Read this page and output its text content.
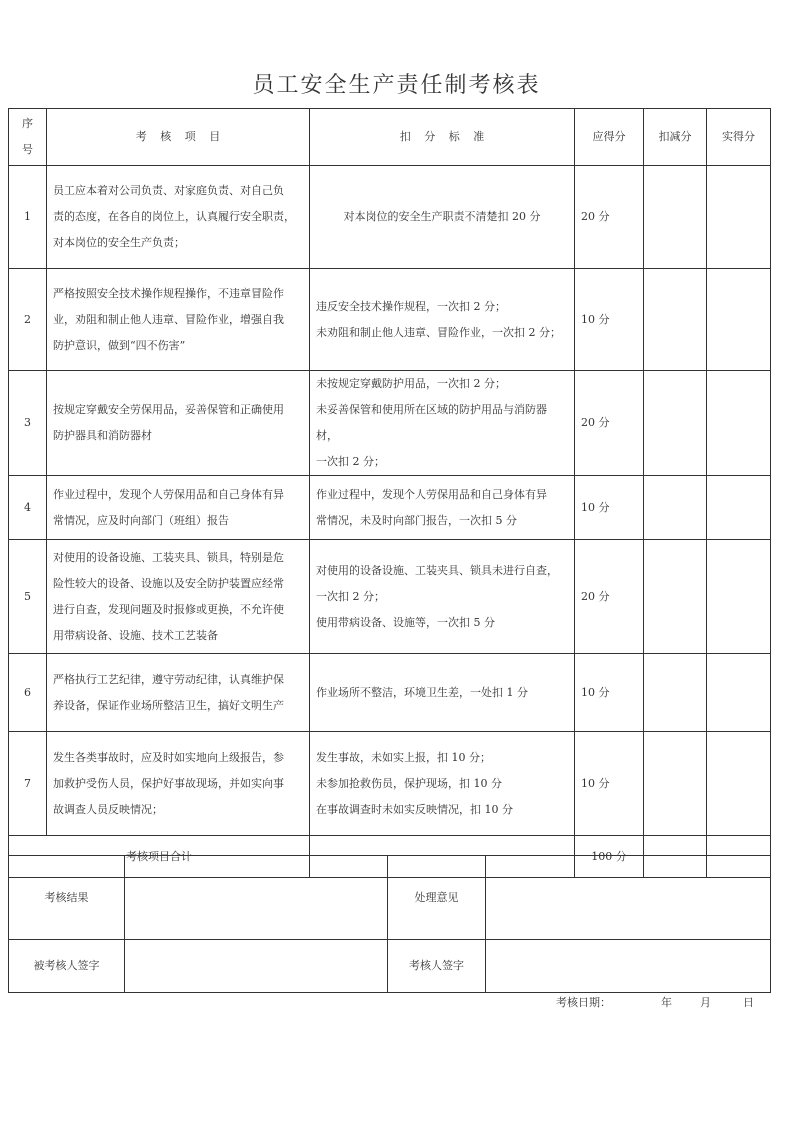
员工安全生产责任制考核表
序
号	考 核 项 目	扣 分 标 准	应得分	扣减分	实得分
1	员工应本着对公司负责、对家庭负责、对自己负
责的态度，在各自的岗位上，认真履行安全职责，
对本岗位的安全生产负责；	对本岗位的安全生产职责不清楚扣 20 分	20 分		
2	严格按照安全技术操作规程操作，不违章冒险作
业，劝阻和制止他人违章、冒险作业，增强自我
防护意识，做到“四不伤害”	违反安全技术操作规程，一次扣 2 分；
未劝阻和制止他人违章、冒险作业，一次扣 2 分；	10 分		
3	按规定穿戴安全劳保用品，妥善保管和正确使用
防护器具和消防器材	未按规定穿戴防护用品，一次扣 2 分；
未妥善保管和使用所在区域的防护用品与消防器材，
一次扣 2 分；	20 分		
4	作业过程中，发现个人劳保用品和自己身体有异
常情况，应及时向部门（班组）报告	作业过程中，发现个人劳保用品和自己身体有异
常情况，未及时向部门报告，一次扣 5 分	10 分		
5	对使用的设备设施、工装夹具、锁具，特别是危
险性较大的设备、设施以及安全防护装置应经常
进行自查，发现问题及时报修或更换，不允许使
用带病设备、设施、技术工艺装备	对使用的设备设施、工装夹具、锁具未进行自查，
一次扣 2 分；
使用带病设备、设施等，一次扣 5 分	20 分		
6	严格执行工艺纪律，遵守劳动纪律，认真维护保
养设备，保证作业场所整洁卫生，搞好文明生产	作业场所不整洁，环境卫生差，一处扣 1 分	10 分		
7	发生各类事故时，应及时如实地向上级报告，参
加救护受伤人员，保护好事故现场，并如实向事
故调查人员反映情况；	发生事故，未如实上报，扣 10 分；
未参加抢救伤员，保护现场，扣 10 分
在事故调查时未如实反映情况，扣 10 分	10 分		
考核项目合计			100 分		
考核结果		处理意见	
被考核人签字		考核人签字	
考核日期：	年	月	日
